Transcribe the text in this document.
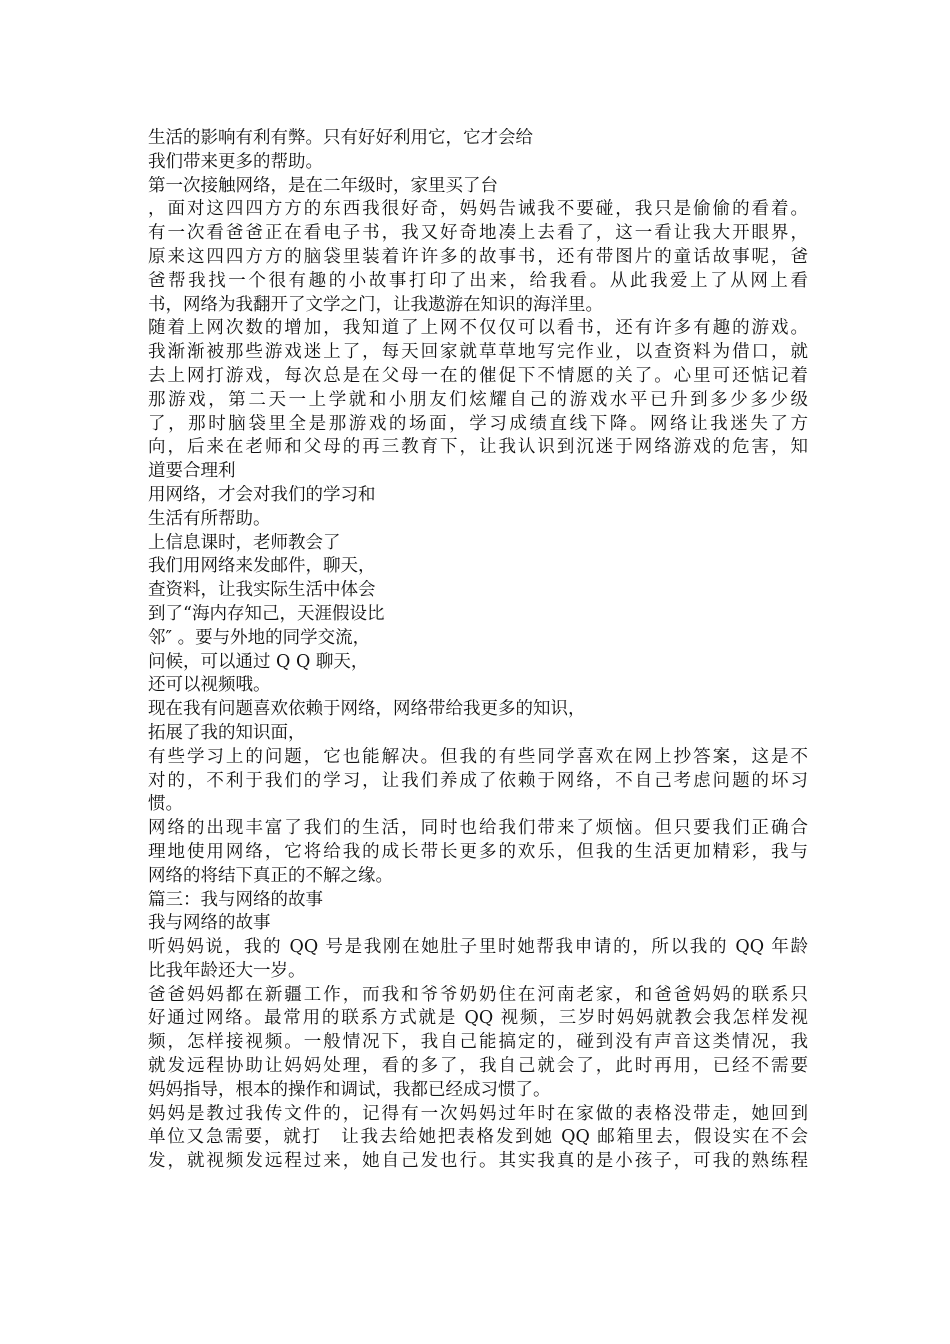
生活的影响有利有弊。只有好好利用它，它才会给
我们带来更多的帮助。
第一次接触网络，是在二年级时，家里买了台
，面对这四四方方的东西我很好奇，妈妈告诫我不要碰，我只是偷偷的看着。
有一次看爸爸正在看电子书，我又好奇地凑上去看了，这一看让我大开眼界，
原来这四四方方的脑袋里装着许许多的故事书，还有带图片的童话故事呢，爸
爸帮我找一个很有趣的小故事打印了出来，给我看。从此我爱上了从网上看
书，网络为我翻开了文学之门，让我遨游在知识的海洋里。
随着上网次数的增加，我知道了上网不仅仅可以看书，还有许多有趣的游戏。
我渐渐被那些游戏迷上了，每天回家就草草地写完作业，以查资料为借口，就
去上网打游戏，每次总是在父母一在的催促下不情愿的关了。心里可还惦记着
那游戏，第二天一上学就和小朋友们炫耀自己的游戏水平已升到多少多少级
了，那时脑袋里全是那游戏的场面，学习成绩直线下降。网络让我迷失了方
向，后来在老师和父母的再三教育下，让我认识到沉迷于网络游戏的危害，知
道要合理利
用网络，才会对我们的学习和
生活有所帮助。
上信息课时，老师教会了
我们用网络来发邮件，聊天，
查资料，让我实际生活中体会
到了“海内存知己，天涯假设比
邻″ 。要与外地的同学交流，
问候，可以通过 Q Q 聊天，
还可以视频哦。
现在我有问题喜欢依赖于网络，网络带给我更多的知识，
拓展了我的知识面，
有些学习上的问题，它也能解决。但我的有些同学喜欢在网上抄答案，这是不
对的，不利于我们的学习，让我们养成了依赖于网络，不自己考虑问题的坏习
惯。
网络的出现丰富了我们的生活，同时也给我们带来了烦恼。但只要我们正确合
理地使用网络，它将给我的成长带长更多的欢乐，但我的生活更加精彩，我与
网络的将结下真正的不解之缘。
篇三：我与网络的故事
我与网络的故事
听妈妈说，我的 QQ 号是我刚在她肚子里时她帮我申请的，所以我的 QQ 年龄
比我年龄还大一岁。
爸爸妈妈都在新疆工作，而我和爷爷奶奶住在河南老家，和爸爸妈妈的联系只
好通过网络。最常用的联系方式就是 QQ 视频，三岁时妈妈就教会我怎样发视
频，怎样接视频。一般情况下，我自己能搞定的，碰到没有声音这类情况，我
就发远程协助让妈妈处理，看的多了，我自己就会了，此时再用，已经不需要
妈妈指导，根本的操作和调试，我都已经成习惯了。
妈妈是教过我传文件的，记得有一次妈妈过年时在家做的表格没带走，她回到
单位又急需要，就打　让我去给她把表格发到她 QQ 邮箱里去，假设实在不会
发，就视频发远程过来，她自己发也行。其实我真的是小孩子，可我的熟练程
